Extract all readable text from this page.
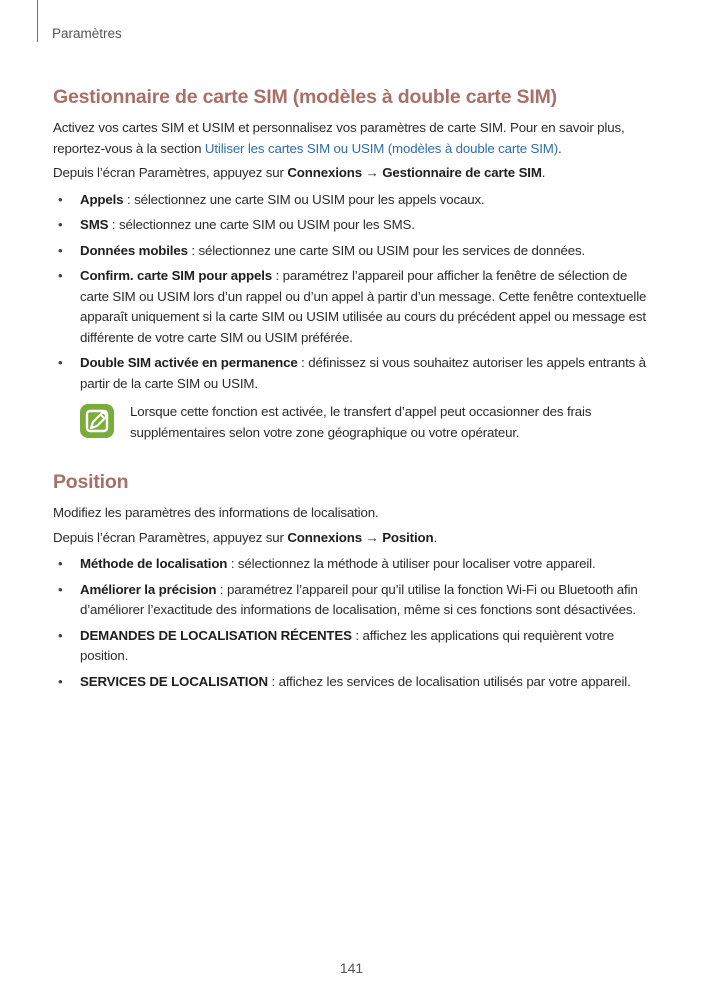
Paramètres
Gestionnaire de carte SIM (modèles à double carte SIM)

Activez vos cartes SIM et USIM et personnalisez vos paramètres de carte SIM. Pour en savoir plus, reportez-vous à la section Utiliser les cartes SIM ou USIM (modèles à double carte SIM).

Depuis l’écran Paramètres, appuyez sur Connexions → Gestionnaire de carte SIM.

• Appels : sélectionnez une carte SIM ou USIM pour les appels vocaux.
• SMS : sélectionnez une carte SIM ou USIM pour les SMS.
• Données mobiles : sélectionnez une carte SIM ou USIM pour les services de données.
• Confirm. carte SIM pour appels : paramétrez l’appareil pour afficher la fenêtre de sélection de carte SIM ou USIM lors d’un rappel ou d’un appel à partir d’un message. Cette fenêtre contextuelle apparaît uniquement si la carte SIM ou USIM utilisée au cours du précédent appel ou message est différente de votre carte SIM ou USIM préférée.
• Double SIM activée en permanence : définissez si vous souhaitez autoriser les appels entrants à partir de la carte SIM ou USIM.
Lorsque cette fonction est activée, le transfert d’appel peut occasionner des frais supplémentaires selon votre zone géographique ou votre opérateur.
Position

Modifiez les paramètres des informations de localisation.

Depuis l’écran Paramètres, appuyez sur Connexions → Position.

• Méthode de localisation : sélectionnez la méthode à utiliser pour localiser votre appareil.
• Améliorer la précision : paramétrez l’appareil pour qu’il utilise la fonction Wi-Fi ou Bluetooth afin d’améliorer l’exactitude des informations de localisation, même si ces fonctions sont désactivées.
• DEMANDES DE LOCALISATION RÉCENTES : affichez les applications qui requièrent votre position.
• SERVICES DE LOCALISATION : affichez les services de localisation utilisés par votre appareil.
141
